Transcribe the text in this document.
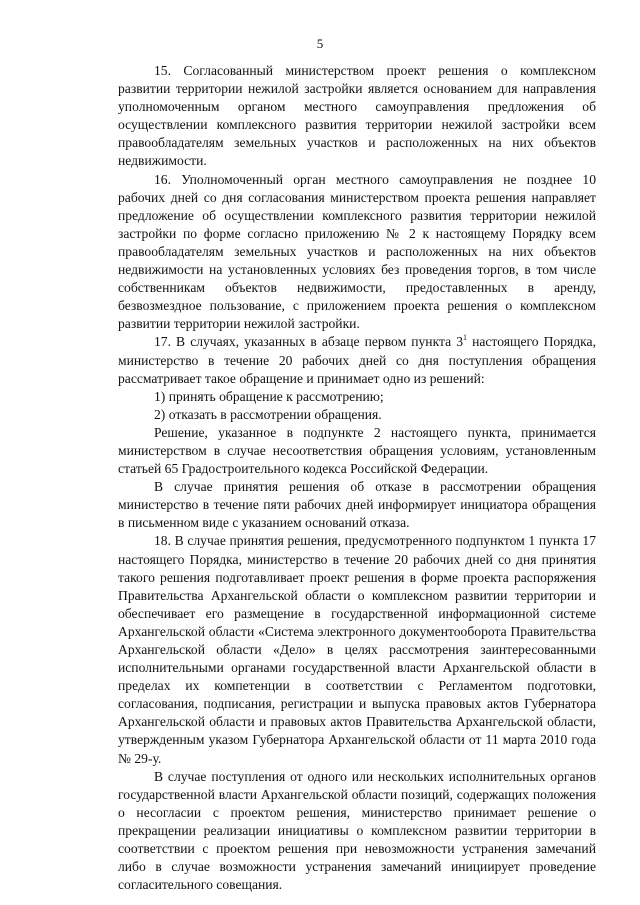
5

15. Согласованный министерством проект решения о комплексном развитии территории нежилой застройки является основанием для направления уполномоченным органом местного самоуправления предложения об осуществлении комплексного развития территории нежилой застройки всем правообладателям земельных участков и расположенных на них объектов недвижимости.

16. Уполномоченный орган местного самоуправления не позднее 10 рабочих дней со дня согласования министерством проекта решения направляет предложение об осуществлении комплексного развития территории нежилой застройки по форме согласно приложению № 2 к настоящему Порядку всем правообладателям земельных участков и расположенных на них объектов недвижимости на установленных условиях без проведения торгов, в том числе собственникам объектов недвижимости, предоставленных в аренду, безвозмездное пользование, с приложением проекта решения о комплексном развитии территории нежилой застройки.

17. В случаях, указанных в абзаце первом пункта $3^1$ настоящего Порядка, министерство в течение 20 рабочих дней со дня поступления обращения рассматривает такое обращение и принимает одно из решений:

1) принять обращение к рассмотрению;

2) отказать в рассмотрении обращения.

Решение, указанное в подпункте 2 настоящего пункта, принимается министерством в случае несоответствия обращения условиям, установленным статьей 65 Градостроительного кодекса Российской Федерации.

В случае принятия решения об отказе в рассмотрении обращения министерство в течение пяти рабочих дней информирует инициатора обращения в письменном виде с указанием оснований отказа.

18. В случае принятия решения, предусмотренного подпунктом 1 пункта 17 настоящего Порядка, министерство в течение 20 рабочих дней со дня принятия такого решения подготавливает проект решения в форме проекта распоряжения Правительства Архангельской области о комплексном развитии территории и обеспечивает его размещение в государственной информационной системе Архангельской области «Система электронного документооборота Правительства Архангельской области «Дело» в целях рассмотрения заинтересованными исполнительными органами государственной власти Архангельской области в пределах их компетенции в соответствии с Регламентом подготовки, согласования, подписания, регистрации и выпуска правовых актов Губернатора Архангельской области и правовых актов Правительства Архангельской области, утвержденным указом Губернатора Архангельской области от 11 марта 2010 года № 29-у.

В случае поступления от одного или нескольких исполнительных органов государственной власти Архангельской области позиций, содержащих положения о несогласии с проектом решения, министерство принимает решение о прекращении реализации инициативы о комплексном развитии территории в соответствии с проектом решения при невозможности устранения замечаний либо в случае возможности устранения замечаний инициирует проведение согласительного совещания.
